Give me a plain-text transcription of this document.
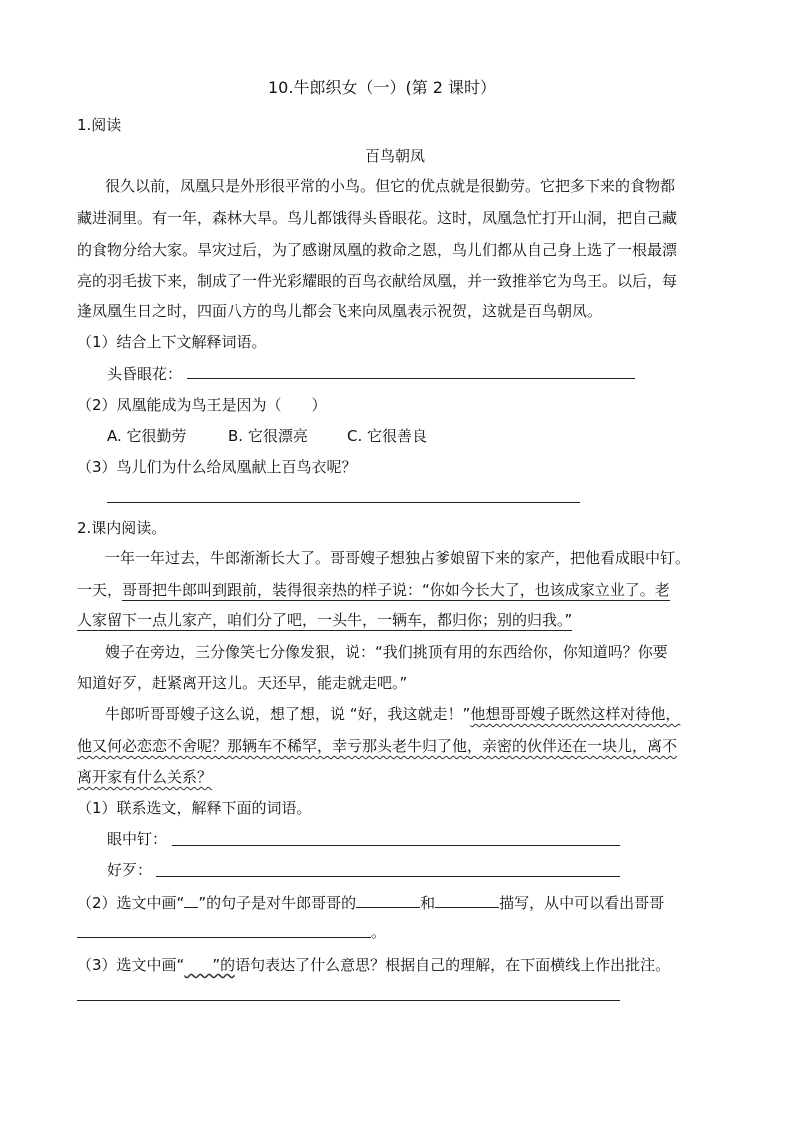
10.牛郎织女（一）(第 2 课时）
1.阅读
百鸟朝凤
很久以前，凤凰只是外形很平常的小鸟。但它的优点就是很勤劳。它把多下来的食物都
藏进洞里。有一年，森林大旱。鸟儿都饿得头昏眼花。这时，凤凰急忙打开山洞，把自己藏
的食物分给大家。旱灾过后，为了感谢凤凰的救命之恩，鸟儿们都从自己身上选了一根最漂
亮的羽毛拔下来，制成了一件光彩耀眼的百鸟衣献给凤凰，并一致推举它为鸟王。以后，每
逢凤凰生日之时，四面八方的鸟儿都会飞来向凤凰表示祝贺，这就是百鸟朝凤。
（1）结合上下文解释词语。
头昏眼花：
（2）凤凰能成为鸟王是因为（　　）
A. 它很勤劳	B. 它很漂亮	C. 它很善良
（3）鸟儿们为什么给凤凰献上百鸟衣呢？
2.课内阅读。
一年一年过去，牛郎渐渐长大了。哥哥嫂子想独占爹娘留下来的家产，把他看成眼中钉。
一天，哥哥把牛郎叫到跟前，装得很亲热的样子说：“你如今长大了，也该成家立业了。老
人家留下一点儿家产，咱们分了吧，一头牛，一辆车，都归你；别的归我。”
嫂子在旁边，三分像笑七分像发狠，说：“我们挑顶有用的东西给你，你知道吗？你要
知道好歹，赶紧离开这儿。天还早，能走就走吧。”
牛郎听哥哥嫂子这么说，想了想，说 “好，我这就走！”他想哥哥嫂子既然这样对待他，
他又何必恋恋不舍呢？那辆车不稀罕，幸亏那头老牛归了他，亲密的伙伴还在一块儿，离不
离开家有什么关系？
（1）联系选文，解释下面的词语。
眼中钉：
好歹：
（2）选文中画“ ”的句子是对牛郎哥哥的	和	描写，从中可以看出哥哥
。
（3）选文中画“ ”的语句表达了什么意思？根据自己的理解，在下面横线上作出批注。
